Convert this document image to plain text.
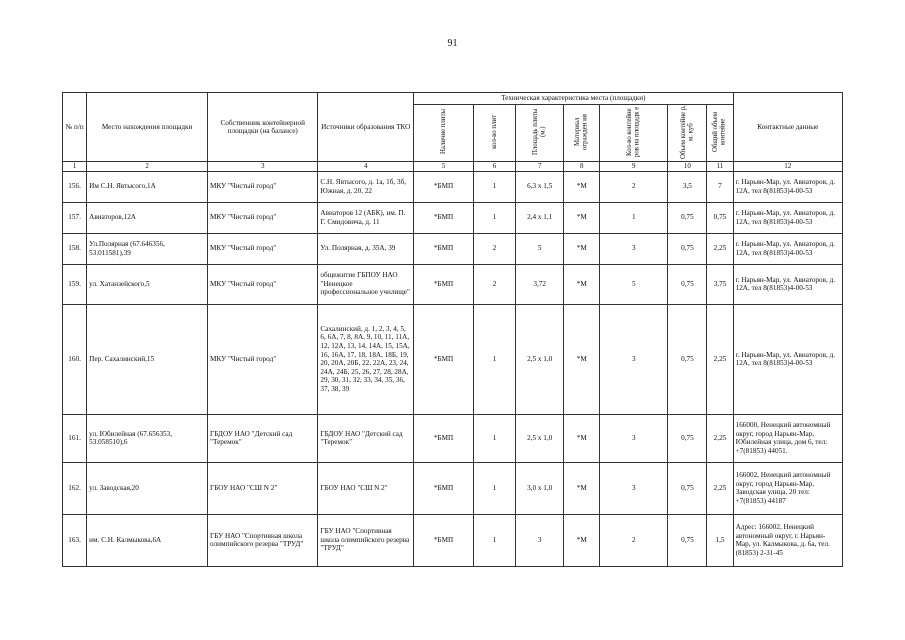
91
№ п/п	Место нахождения площадки	Собственник контейнерной площадки (на балансе)	Источники образования ТКО	Техническая характеристика места (площадки)							Контактные данные
				Наличие плиты	кол-во плит	Площадь плиты (м.)	Материал огражден ия	Кол-во контейне ров на площадк е	Объем контейне р, м. куб	Общий объем контейне	
1	2	3	4	5	6	7	8	9	10	11	12
156.	Им С.Н. Явтысого,1А	МКУ "Чистый город"	С.Н. Явтысого, д. 1а, 1б, 3б, Южная, д. 20, 22	*БМП	1	6,3 х 1,5	*М	2	3,5	7	г. Нарьян-Мар, ул. Авиаторов, д. 12А, тел 8(81853)4-00-53
157.	Авиаторов,12А	МКУ "Чистый город"	Авиаторов 12 (АБК), им. П. Г. Смидовича, д. 11	*БМП	1	2,4 х 1,1	*М	1	0,75	0,75	г. Нарьян-Мар, ул. Авиаторов, д. 12А, тел 8(81853)4-00-53
158.	Ул.Полярная (67.646356, 53.011581),39	МКУ "Чистый город"	Ул. Полярная, д. 35А, 39	*БМП	2	5	*М	3	0,75	2,25	г. Нарьян-Мар, ул. Авиаторов, д. 12А, тел 8(81853)4-00-53
159.	ул. Хатанзейского,5	МКУ "Чистый город"	общежитие ГБПОУ НАО "Ненецкое профессиональное училище"	*БМП	2	3,72	*М	5	0,75	3,75	г. Нарьян-Мар, ул. Авиаторов, д. 12А, тел 8(81853)4-00-53
160.	Пер. Сахалинский,15	МКУ "Чистый город"	Сахалинский, д. 1, 2, 3, 4, 5, 6, 6А, 7, 8, 8А, 9, 10, 11, 11А, 12, 12А, 13, 14, 14А, 15, 15А, 16, 16А, 17, 18, 18А, 18Б, 19, 20, 20А, 20Б, 22, 22А, 23, 24, 24А, 24Б, 25, 26, 27, 28, 28А, 29, 30, 31, 32, 33, 34, 35, 36, 37, 38, 39	*БМП	1	2,5 х 1,0	*М	3	0,75	2,25	г. Нарьян-Мар, ул. Авиаторов, д. 12А, тел 8(81853)4-00-53
161.	ул. Юбилейная (67.656353, 53.058510),6	ГБДОУ НАО "Детский сад "Теремок"	ГБДОУ НАО "Детский сад "Теремок"	*БМП	1	2,5 х 1,0	*М	3	0,75	2,25	166000, Ненецкий автономный округ, город Нарьян-Мар, Юбилейная улица, дом 6, тел: +7(81853) 44051.
162.	ул. Заводская,20	ГБОУ НАО "СШ N 2"	ГБОУ НАО "СШ N 2"	*БМП	1	3,0 х 1,0	*М	3	0,75	2,25	166002, Ненецкий автономный округ, город Нарьян-Мар, Заводская улица, 20 тел: +7(81853) 44187
163.	им. С.Н. Калмыкова,6А	ГБУ НАО "Спортивная школа олимпийского резерва "ТРУД"	ГБУ НАО "Спортивная школа олимпийского резерва "ТРУД"	*БМП	1	3	*М	2	0,75	1,5	Адрес: 166002, Ненецкий автономный округ, г. Нарьян-Мар, ул. Калмыкова, д. 6а, тел. (81853) 2-31-45
